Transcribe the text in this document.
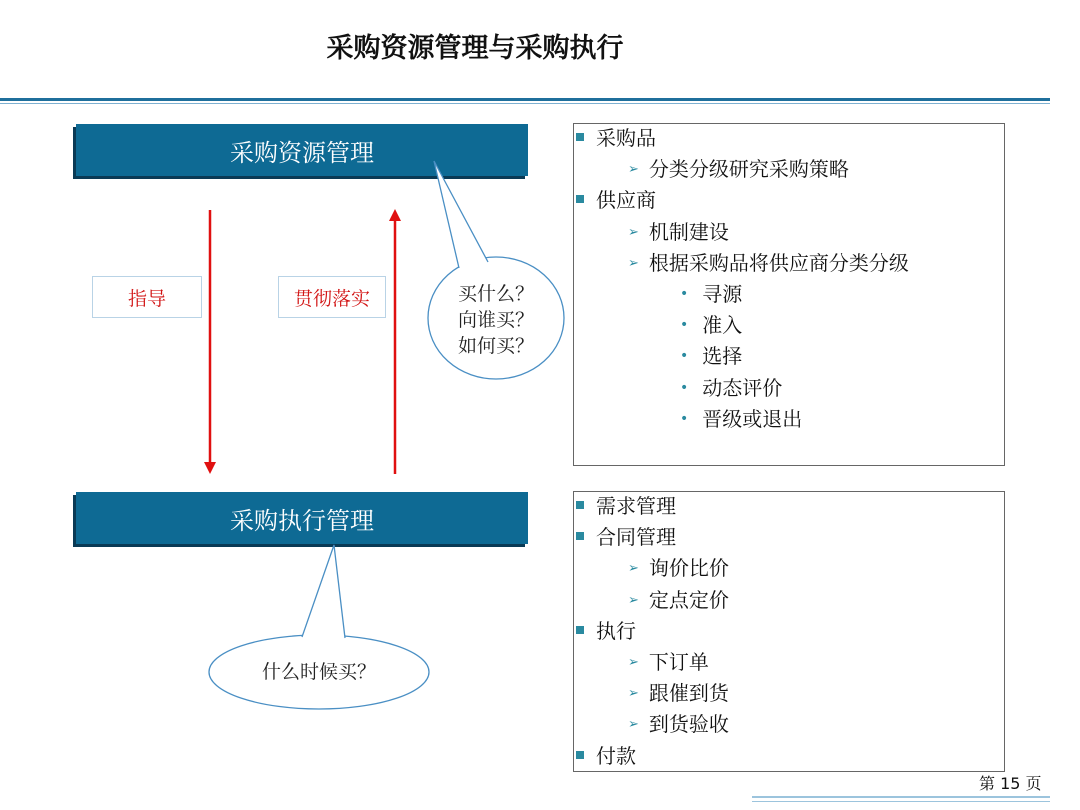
采购资源管理与采购执行
采购资源管理
采购执行管理
指导	贯彻落实	买什么？
向谁买？
如何买？
什么时候买？
采购品
➢ 分类分级研究采购策略
供应商
➢ 机制建设
➢ 根据采购品将供应商分类分级
• 寻源
• 准入
• 选择
• 动态评价
• 晋级或退出
需求管理
合同管理
➢ 询价比价
➢ 定点定价
执行
➢ 下订单
➢ 跟催到货
➢ 到货验收
付款
第 15 页
